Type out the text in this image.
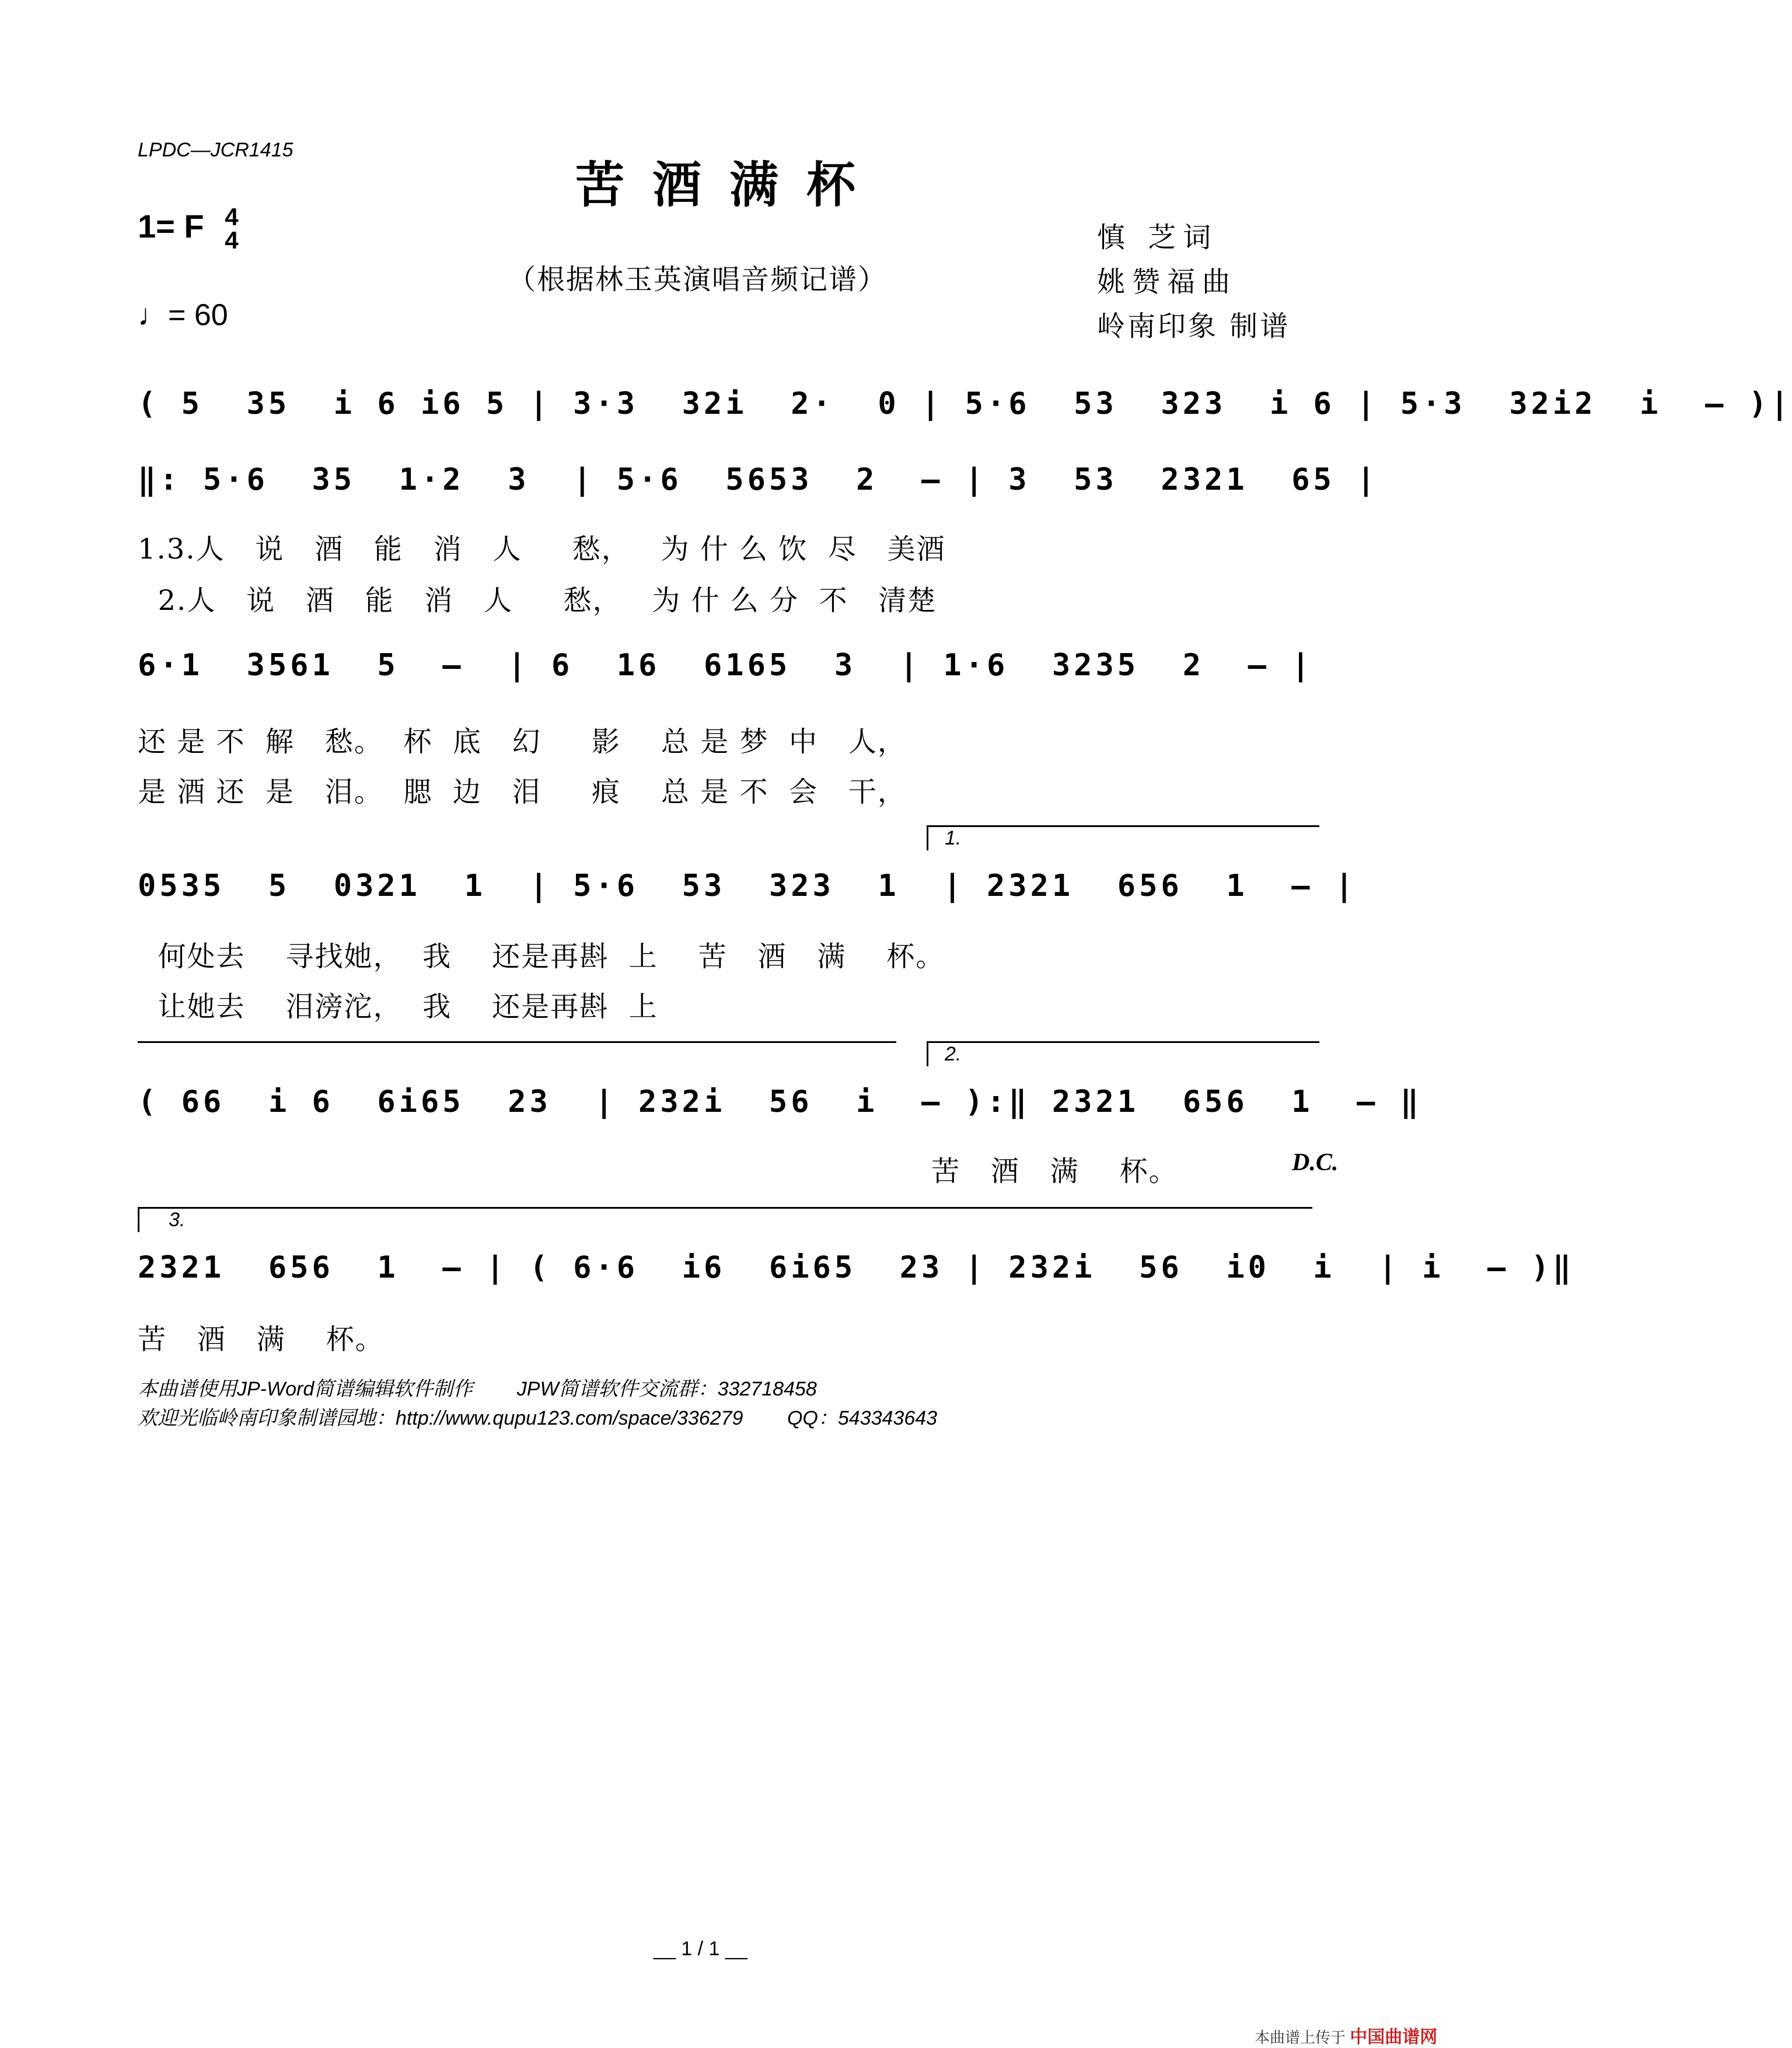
LPDC—JCR1415
苦酒满杯
1= F 4
4
♩= 60
（根据林玉英演唱音频记谱）
慎 芝词
姚赞福曲
岭南印象 制谱
( 5  35  i 6 i6 5 | 3·3  32i  2·  0 | 5·6  53  323  i 6 | 5·3  32i2  i  – )|
‖: 5·6  35  1·2  3  | 5·6  5653  2  – | 3  53  2321  65 |
1.3.人   说   酒   能   消   人     愁，   为 什 么 饮  尽   美酒
2.人   说   酒   能   消   人     愁，   为 什 么 分  不   清楚
6·1  3561  5  –  | 6  16  6165  3  | 1·6  3235  2  – |
还 是 不  解   愁。  杯  底   幻     影    总 是 梦  中   人，
是 酒 还  是   泪。  腮  边   泪     痕    总 是 不  会   干，
1.
0535  5  0321  1  | 5·6  53  323  1  | 2321  656  1  – |
何处去    寻找她，  我    还是再斟  上    苦   酒   满    杯。
让她去    泪滂沱，  我    还是再斟  上
2.
( 66  i 6  6i65  23  | 232i  56  i  – ):‖ 2321  656  1  – ‖
苦   酒   满    杯。	D.C.
3.
2321  656  1  – | ( 6·6  i6  6i65  23 | 232i  56  i0  i  | i  – )‖
苦   酒   满    杯。
本曲谱使用JP-Word简谱编辑软件制作        JPW简谱软件交流群：332718458
欢迎光临岭南印象制谱园地：http://www.qupu123.com/space/336279        QQ：543343643
__ 1 / 1 __
本曲谱上传于 中国曲谱网
